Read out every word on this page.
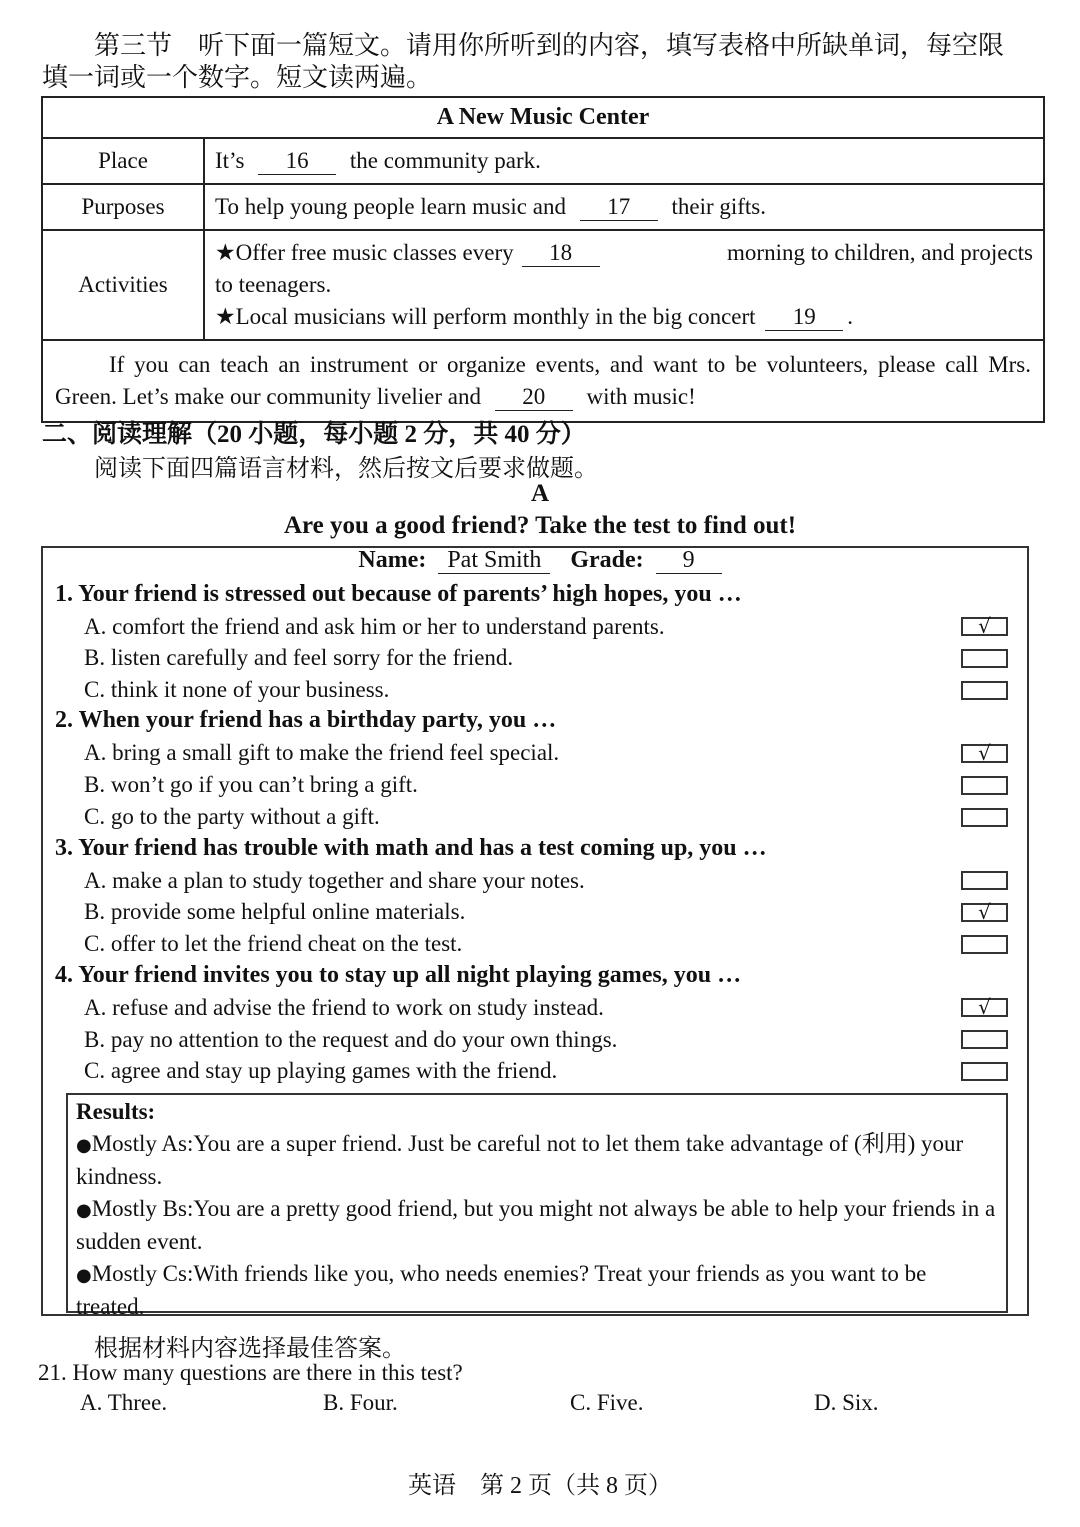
第三节　听下面一篇短文。请用你所听到的内容，填写表格中所缺单词，每空限
填一词或一个数字。短文读两遍。
A New Music Center	
Place	It’s 16 the community park.
Purposes	To help young people learn music and 17 their gifts.
Activities	★Offer free music classes every 18 morning to children, and projects
to teenagers.
★Local musicians will perform monthly in the big concert 19 .

If you can teach an instrument or organize events, and want to be volunteers, please call Mrs. Green. Let’s make our community livelier and 20 with music!	
二、阅读理解（20 小题，每小题 2 分，共 40 分）
阅读下面四篇语言材料，然后按文后要求做题。
A
Are you a good friend? Take the test to find out!
Name: Pat Smith Grade: 9
1. Your friend is stressed out because of parents’ high hopes, you …
A. comfort the friend and ask him or her to understand parents.	√
B. listen carefully and feel sorry for the friend.
C. think it none of your business.
2. When your friend has a birthday party, you …
A. bring a small gift to make the friend feel special.	√
B. won’t go if you can’t bring a gift.
C. go to the party without a gift.
3. Your friend has trouble with math and has a test coming up, you …
A. make a plan to study together and share your notes.
B. provide some helpful online materials.	√
C. offer to let the friend cheat on the test.
4. Your friend invites you to stay up all night playing games, you …
A. refuse and advise the friend to work on study instead.	√
B. pay no attention to the request and do your own things.
C. agree and stay up playing games with the friend.
Results:
●Mostly As:You are a super friend. Just be careful not to let them take advantage of (利用) your kindness.
●Mostly Bs:You are a pretty good friend, but you might not always be able to help your friends in a sudden event.
●Mostly Cs:With friends like you, who needs enemies? Treat your friends as you want to be treated.
根据材料内容选择最佳答案。
21. How many questions are there in this test?
A. Three.	B. Four.	C. Five.	D. Six.
英语　第 2 页（共 8 页）
